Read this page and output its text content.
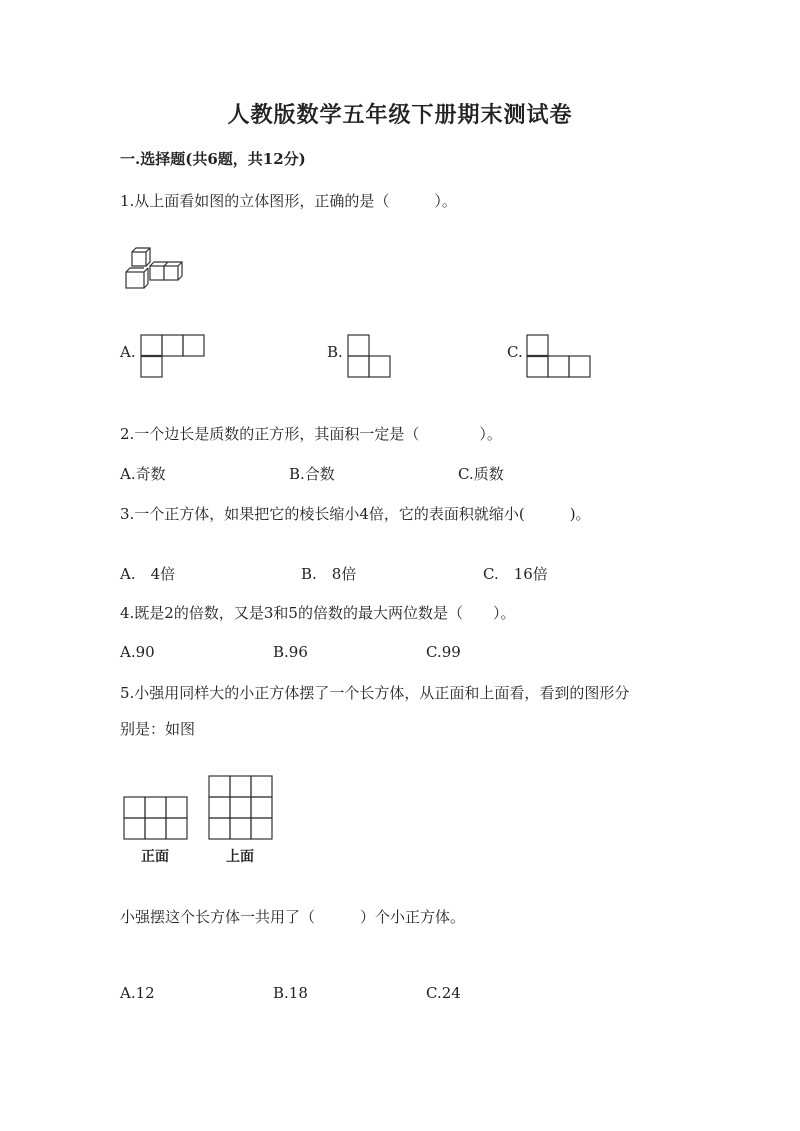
人教版数学五年级下册期末测试卷
一.选择题(共6题，共12分)
1.从上面看如图的立体图形，正确的是（　　　）。
A.	B.	C.
2.一个边长是质数的正方形，其面积一定是（　　　　）。
A.奇数	B.合数	C.质数
3.一个正方体，如果把它的棱长缩小4倍，它的表面积就缩小(　　　)。
A.　4倍	B.　8倍	C.　16倍
4.既是2的倍数，又是3和5的倍数的最大两位数是（　　）。
A.90	B.96	C.99
5.小强用同样大的小正方体摆了一个长方体，从正面和上面看，看到的图形分
别是：如图
正面	上面
小强摆这个长方体一共用了（　　　）个小正方体。
A.12	B.18	C.24
